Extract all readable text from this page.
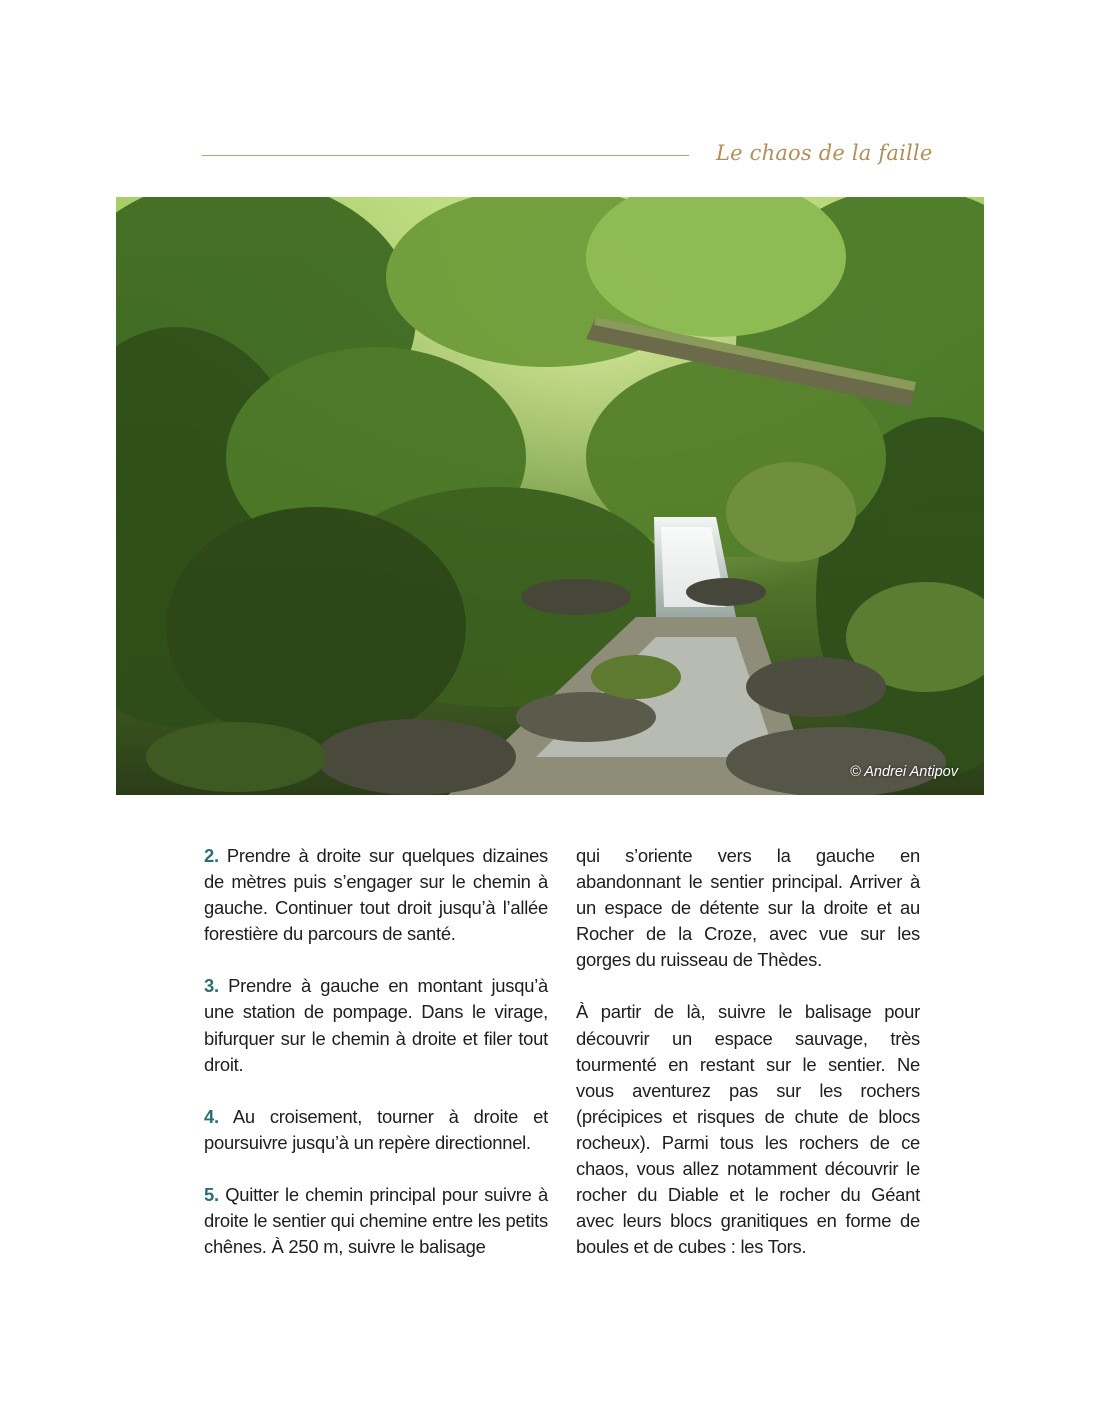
Le chaos de la faille
© Andrei Antipov

2. Prendre à droite sur quelques dizaines de mètres puis s’engager sur le chemin à gauche. Continuer tout droit jusqu’à l’allée forestière du parcours de santé.

3. Prendre à gauche en montant jusqu’à une station de pompage. Dans le virage, bifurquer sur le chemin à droite et filer tout droit.

4. Au croisement, tourner à droite et poursuivre jusqu’à un repère directionnel.

5. Quitter le chemin principal pour suivre à droite le sentier qui chemine entre les petits chênes. À 250 m, suivre le balisage

qui s’oriente vers la gauche en abandonnant le sentier principal. Arriver à un espace de détente sur la droite et au Rocher de la Croze, avec vue sur les gorges du ruisseau de Thèdes.

À partir de là, suivre le balisage pour découvrir un espace sauvage, très tourmenté en restant sur le sentier. Ne vous aventurez pas sur les rochers (précipices et risques de chute de blocs rocheux). Parmi tous les rochers de ce chaos, vous allez notamment découvrir le rocher du Diable et le rocher du Géant avec leurs blocs granitiques en forme de boules et de cubes : les Tors.
